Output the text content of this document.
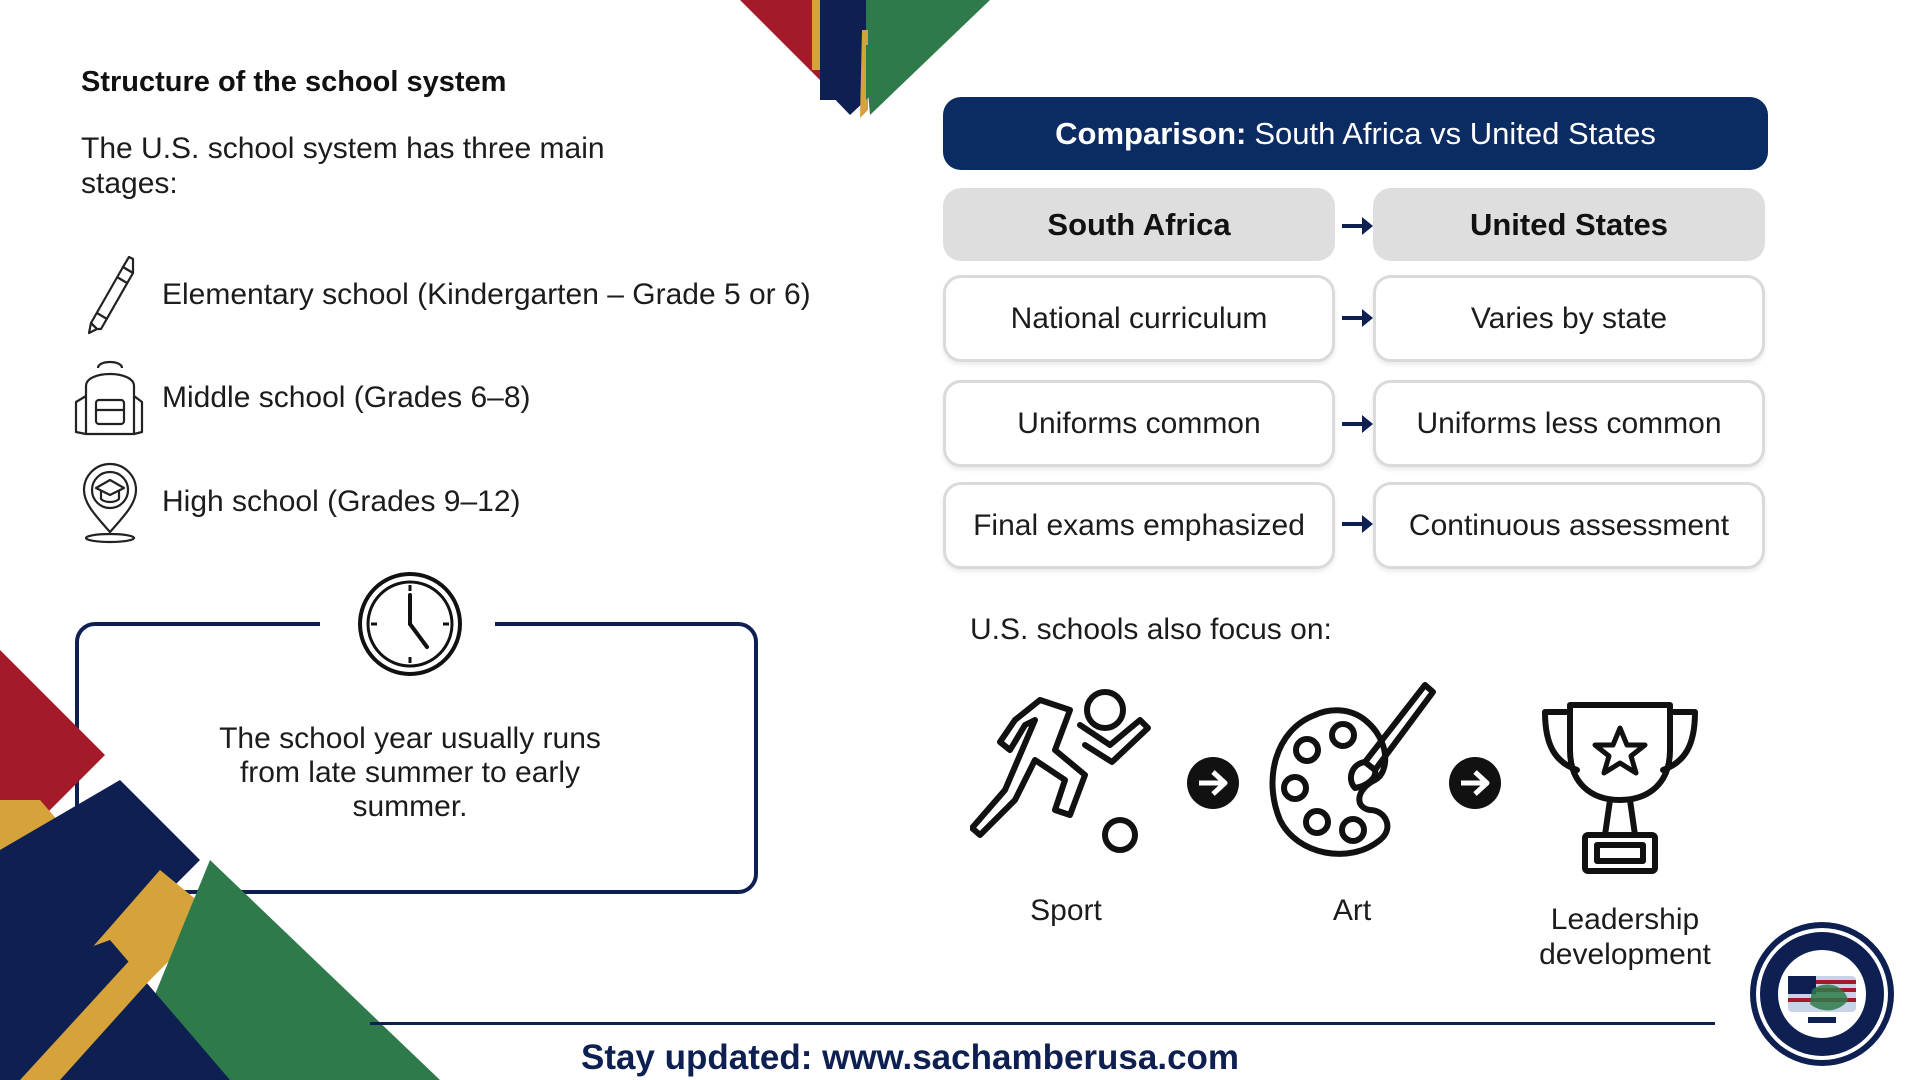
Structure of the school system
The U.S. school system has three main stages:
Elementary school (Kindergarten – Grade 5 or 6)
Middle school (Grades 6–8)
High school (Grades 9–12)
The school year usually runs from late summer to early summer.
Comparison: South Africa vs United States
South Africa	United States
National curriculum	Varies by state
Uniforms common	Uniforms less common
Final exams emphasized	Continuous assessment
U.S. schools also focus on:
Sport	Art	Leadership development
Stay updated: www.sachamberusa.com
